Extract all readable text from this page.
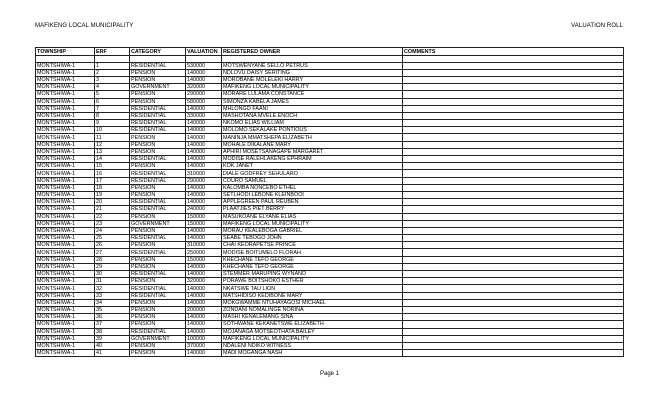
MAFIKENG LOCAL MUNICIPALITY	VALUATION ROLL
TOWNSHIP	ERF	CATEGORY	VALUATION	REGISTERED OWNER	COMMENTS

MONTSHIWA-1	1	RESIDENTIAL	530000	MOTSWENYANE SELLO PETRUS	
MONTSHIWA-1	2	PENSION	140000	NDLOVU DAISY SERITING	
MONTSHIWA-1	3	PENSION	140000	MOROBANE MOLELEKI HARRY	
MONTSHIWA-1	4	GOVERNMENT	320000	MAFIKENG LOCAL MUNICIPALITY	
MONTSHIWA-1	5	PENSION	290000	MORARE LULAMA CONSTANCE	
MONTSHIWA-1	6	PENSION	580000	SIMONZA KABELA JAMES	
MONTSHIWA-1	7	RESIDENTIAL	140000	MHLONGO FAANI	
MONTSHIWA-1	8	RESIDENTIAL	330000	MASHOTANA MVELE ENOCH	
MONTSHIWA-1	9	RESIDENTIAL	140000	NKOMO ELIAS WILLIAM	
MONTSHIWA-1	10	RESIDENTIAL	140000	MOLOMO SEKALAKE PONTIOUS	
MONTSHIWA-1	11	PENSION	140000	MANINJA MMATSHEPA ELIZABETH	
MONTSHIWA-1	12	PENSION	140000	MOHALE DIKALANE MARY	
MONTSHIWA-1	13	PENSION	140000	APHIRI MOSETSANAGAPE MARGARET	
MONTSHIWA-1	14	RESIDENTIAL	140000	MODISE RALEHLAKENG EPHRAIM	
MONTSHIWA-1	15	PENSION	140000	KOK JANET	
MONTSHIWA-1	16	RESIDENTIAL	310000	DIALE GODFREY SEHULARO	
MONTSHIWA-1	17	RESIDENTIAL	290000	COURO SAMUEL	
MONTSHIWA-1	18	PENSION	140000	KALOMBA NONCEBO ETHEL	
MONTSHIWA-1	19	PENSION	140000	SETLHODI LEBONE KLEINBOOI	
MONTSHIWA-1	20	RESIDENTIAL	140000	APPLEGREEN PAUL REUBEN	
MONTSHIWA-1	21	RESIDENTIAL	240000	PLAATJIES PIET BERRY	
MONTSHIWA-1	22	PENSION	150000	MASUKOANE ELYANE ELIAS	
MONTSHIWA-1	23	GOVERNMENT	150000	MAFIKENG LOCAL MUNICIPALITY	
MONTSHIWA-1	24	PENSION	140000	MORAU KEALEBOGA GABRIEL	
MONTSHIWA-1	25	RESIDENTIAL	140000	SEABE TEBOGO JOHN	
MONTSHIWA-1	26	PENSION	310000	CHAI KEORAPETSE PRINCE	
MONTSHIWA-1	27	RESIDENTIAL	250000	MODISE BOITUMELO FLORAH	
MONTSHIWA-1	28	PENSION	150000	KHECHANE TEFO GEORGE	
MONTSHIWA-1	29	PENSION	140000	KHECHANE TEFO GEORGE	
MONTSHIWA-1	30	RESIDENTIAL	140000	STEMMER MARUPING WYNAND	
MONTSHIWA-1	31	PENSION	320000	PORAWE BOITSHOKO ESTHER	
MONTSHIWA-1	32	RESIDENTIAL	140000	NKATSWE TAU LION	
MONTSHIWA-1	33	RESIDENTIAL	140000	MATSHIDISO KEDIBONE MARY	
MONTSHIWA-1	34	PENSION	140000	MOKGWAMME NTUHAYAGOSI MICHAEL	
MONTSHIWA-1	35	PENSION	200000	ZONDANI NOMALINGE NORINA	
MONTSHIWA-1	36	PENSION	140000	MASHI KENALEMANG SINA	
MONTSHIWA-1	37	PENSION	140000	SOTHWANE KEKANETSWE ELIZABETH	
MONTSHIWA-1	38	RESIDENTIAL	140000	MOJANAGA MOTSEOTHATA BAILEY	
MONTSHIWA-1	39	GOVERNMENT	100000	MAFIKENG LOCAL MUNICIPALITY	
MONTSHIWA-1	40	PENSION	370000	NDALENI NDIKO WITNESS	
MONTSHIWA-1	41	PENSION	140000	MADI MOGANGA NASH	
Page 1
